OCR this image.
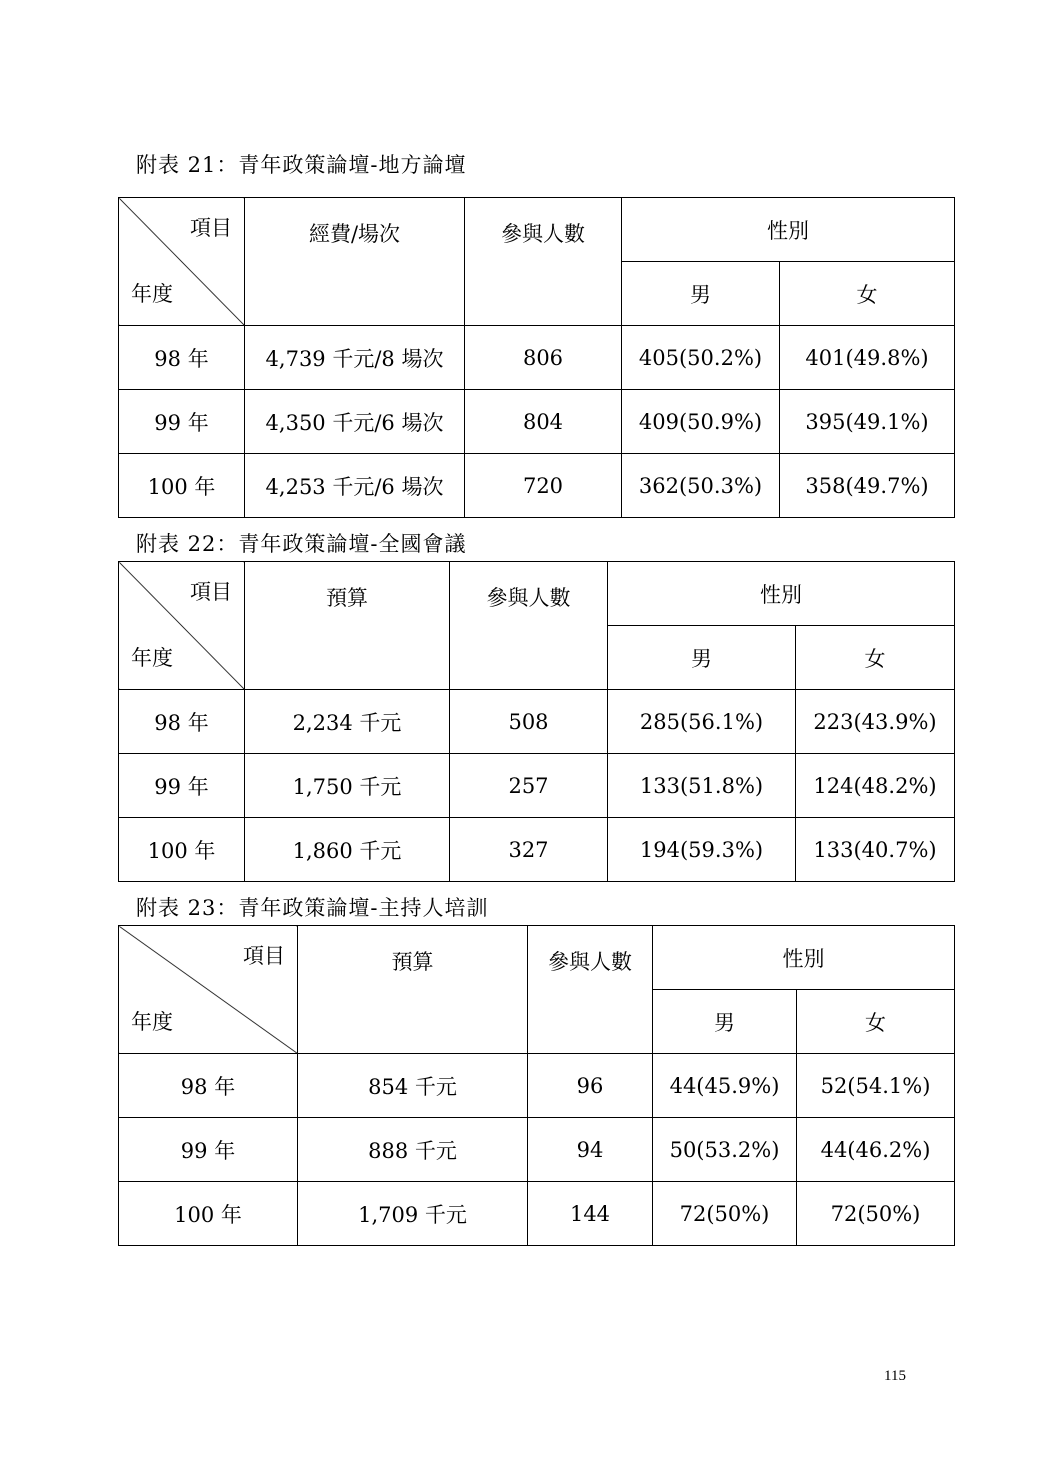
附表 21：青年政策論壇-地方論壇
項目
年度	經費/場次	參與人數	性別	
			男	女
98 年	4,739 千元/8 場次	806	405(50.2%)	401(49.8%)
99 年	4,350 千元/6 場次	804	409(50.9%)	395(49.1%)
100 年	4,253 千元/6 場次	720	362(50.3%)	358(49.7%)
附表 22：青年政策論壇-全國會議
項目
年度	預算	參與人數	性別	
			男	女
98 年	2,234 千元	508	285(56.1%)	223(43.9%)
99 年	1,750 千元	257	133(51.8%)	124(48.2%)
100 年	1,860 千元	327	194(59.3%)	133(40.7%)
附表 23：青年政策論壇-主持人培訓
項目
年度	預算	參與人數	性別	
			男	女
98 年	854 千元	96	44(45.9%)	52(54.1%)
99 年	888 千元	94	50(53.2%)	44(46.2%)
100 年	1,709 千元	144	72(50%)	72(50%)
115
